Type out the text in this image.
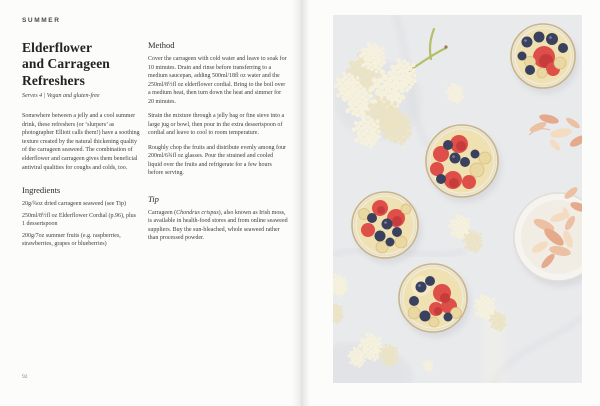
SUMMER
Elderflower
and Carrageen
Refreshers
Serves 4 | Vegan and gluten-free

Somewhere between a jelly and a cool summer drink, these refreshers (or ‘slurpers’ as photographer Elliott calls them!) have a soothing texture created by the natural thickening quality of the carrageen seaweed. The combination of elderflower and carrageen gives them beneficial antiviral qualities for coughs and colds, too.

Ingredients

20g/¾oz dried carrageen seaweed (see Tip)

250ml/8½fl oz Elderflower Cordial (p.96), plus 1 dessertspoon

200g/7oz summer fruits (e.g. raspberries, strawberries, grapes or blueberries)

Method

Cover the carrageen with cold water and leave to soak for 10 minutes. Drain and rinse before transferring to a medium saucepan, adding 500ml/18fl oz water and the 250ml/8½fl oz elderflower cordial. Bring to the boil over a medium heat, then turn down the heat and simmer for 20 minutes.

Strain the mixture through a jelly bag or fine sieve into a large jug or bowl, then pour in the extra dessertspoon of cordial and leave to cool to room temperature.

Roughly chop the fruits and distribute evenly among four 200ml/6¾fl oz glasses. Pour the strained and cooled liquid over the fruits and refrigerate for a few hours before serving.

Tip

Carrageen (Chondrus crispus), also known as Irish moss, is available in health-food stores and from online seaweed suppliers. Buy the sun-bleached, whole seaweed rather than processed powder.

92
